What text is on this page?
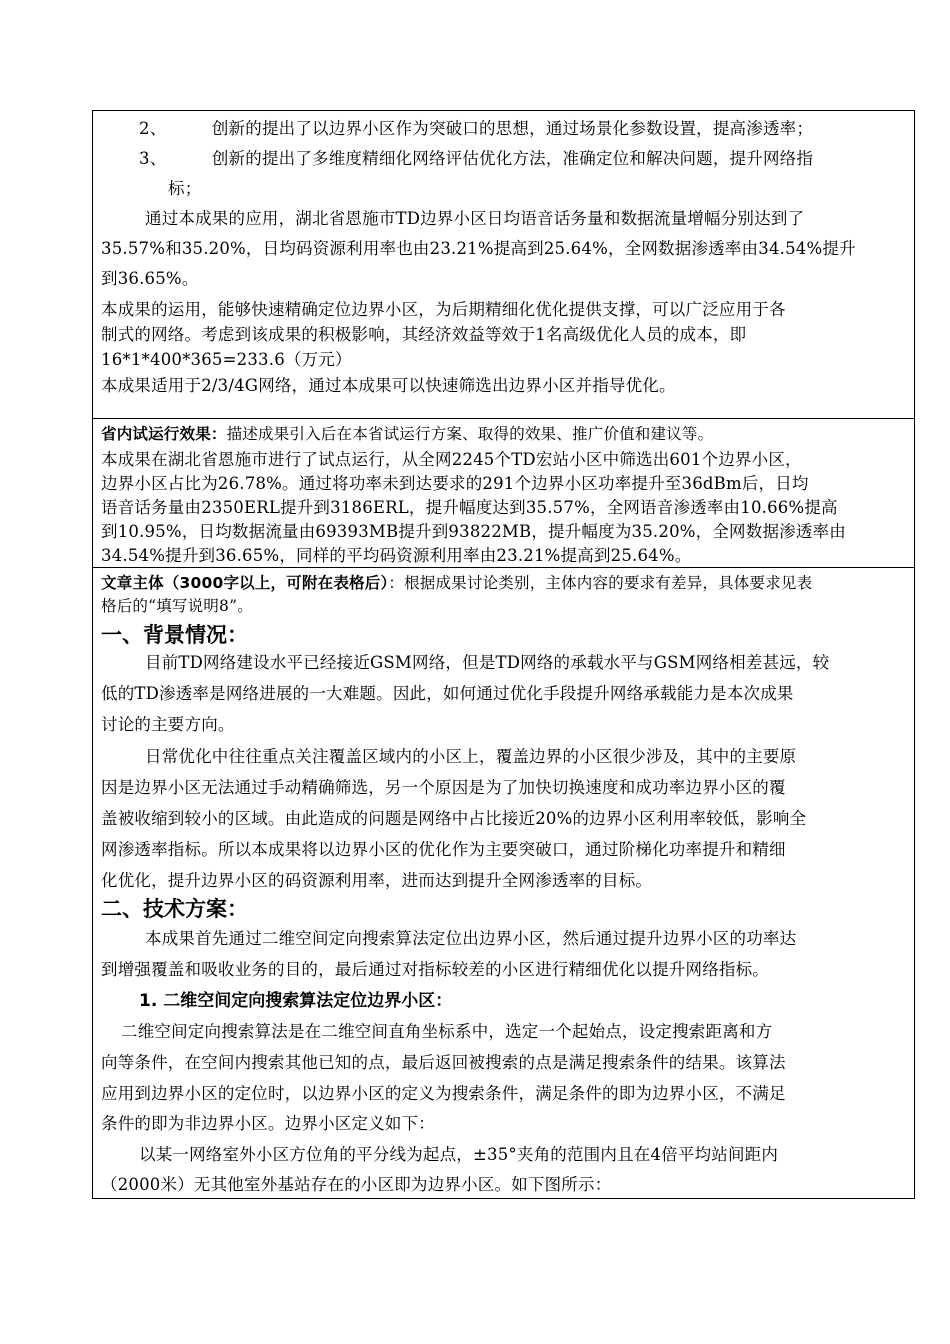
2、	创新的提出了以边界小区作为突破口的思想，通过场景化参数设置，提高渗透率；
3、	创新的提出了多维度精细化网络评估优化方法，准确定位和解决问题，提升网络指
标；
通过本成果的应用，湖北省恩施市TD边界小区日均语音话务量和数据流量增幅分别达到了
35.57%和35.20%，日均码资源利用率也由23.21%提高到25.64%，全网数据渗透率由34.54%提升
到36.65%。
本成果的运用，能够快速精确定位边界小区，为后期精细化优化提供支撑，可以广泛应用于各
制式的网络。考虑到该成果的积极影响，其经济效益等效于1名高级优化人员的成本，即
16*1*400*365=233.6（万元）
本成果适用于2/3/4G网络，通过本成果可以快速筛选出边界小区并指导优化。
省内试运行效果：描述成果引入后在本省试运行方案、取得的效果、推广价值和建议等。
本成果在湖北省恩施市进行了试点运行，从全网2245个TD宏站小区中筛选出601个边界小区，
边界小区占比为26.78%。通过将功率未到达要求的291个边界小区功率提升至36dBm后，日均
语音话务量由2350ERL提升到3186ERL，提升幅度达到35.57%，全网语音渗透率由10.66%提高
到10.95%，日均数据流量由69393MB提升到93822MB，提升幅度为35.20%，全网数据渗透率由
34.54%提升到36.65%，同样的平均码资源利用率由23.21%提高到25.64%。
文章主体（3000字以上，可附在表格后）：根据成果讨论类别，主体内容的要求有差异，具体要求见表
格后的“填写说明8”。
一、背景情况：
目前TD网络建设水平已经接近GSM网络，但是TD网络的承载水平与GSM网络相差甚远，较
低的TD渗透率是网络进展的一大难题。因此，如何通过优化手段提升网络承载能力是本次成果
讨论的主要方向。
日常优化中往往重点关注覆盖区域内的小区上，覆盖边界的小区很少涉及，其中的主要原
因是边界小区无法通过手动精确筛选，另一个原因是为了加快切换速度和成功率边界小区的覆
盖被收缩到较小的区域。由此造成的问题是网络中占比接近20%的边界小区利用率较低，影响全
网渗透率指标。所以本成果将以边界小区的优化作为主要突破口，通过阶梯化功率提升和精细
化优化，提升边界小区的码资源利用率，进而达到提升全网渗透率的目标。
二、技术方案：
本成果首先通过二维空间定向搜索算法定位出边界小区，然后通过提升边界小区的功率达
到增强覆盖和吸收业务的目的，最后通过对指标较差的小区进行精细优化以提升网络指标。
1. 二维空间定向搜索算法定位边界小区：
二维空间定向搜索算法是在二维空间直角坐标系中，选定一个起始点，设定搜索距离和方
向等条件，在空间内搜索其他已知的点，最后返回被搜索的点是满足搜索条件的结果。该算法
应用到边界小区的定位时，以边界小区的定义为搜索条件，满足条件的即为边界小区，不满足
条件的即为非边界小区。边界小区定义如下：
以某一网络室外小区方位角的平分线为起点，±35°夹角的范围内且在4倍平均站间距内
（2000米）无其他室外基站存在的小区即为边界小区。如下图所示：
